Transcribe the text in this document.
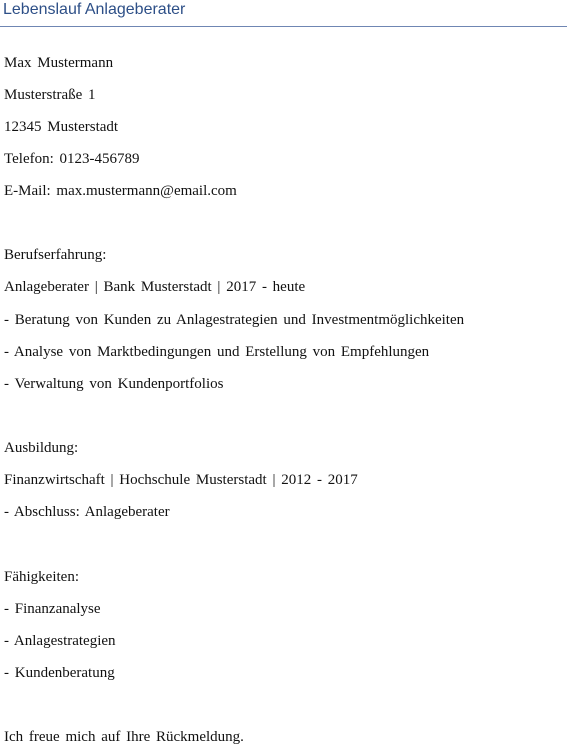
Lebenslauf Anlageberater
Max Mustermann
Musterstraße 1
12345 Musterstadt
Telefon: 0123-456789
E-Mail: max.mustermann@email.com
Berufserfahrung:
Anlageberater | Bank Musterstadt | 2017 - heute
- Beratung von Kunden zu Anlagestrategien und Investmentmöglichkeiten
- Analyse von Marktbedingungen und Erstellung von Empfehlungen
- Verwaltung von Kundenportfolios
Ausbildung:
Finanzwirtschaft | Hochschule Musterstadt | 2012 - 2017
- Abschluss: Anlageberater
Fähigkeiten:
- Finanzanalyse
- Anlagestrategien
- Kundenberatung
Ich freue mich auf Ihre Rückmeldung.
